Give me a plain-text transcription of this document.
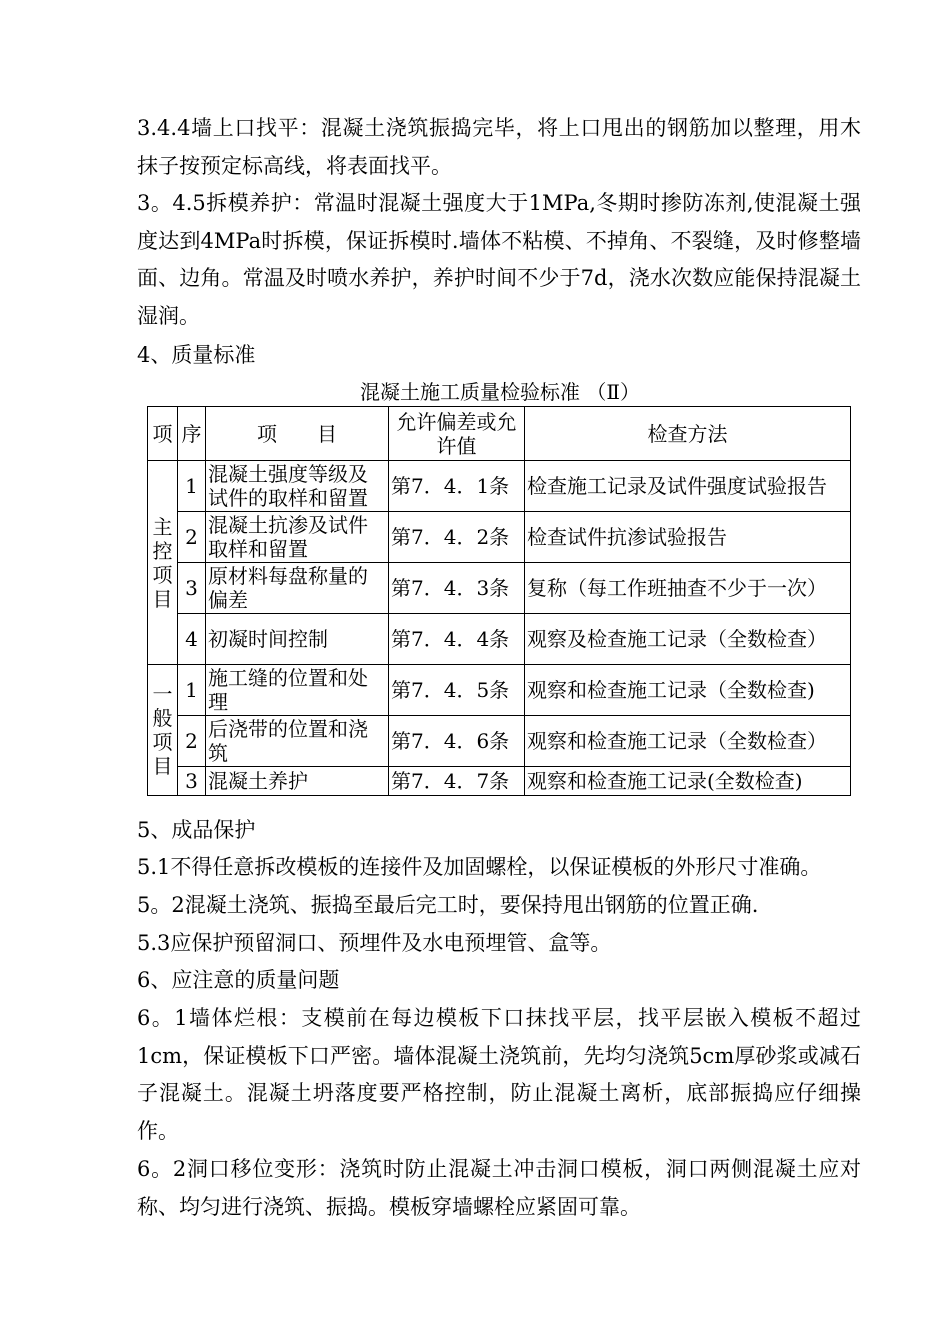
3.4.4墙上口找平：混凝土浇筑振捣完毕，将上口甩出的钢筋加以整理，用木抹子按预定标高线，将表面找平。

3。4.5拆模养护：常温时混凝土强度大于1MPa,冬期时掺防冻剂,使混凝土强度达到4MPa时拆模，保证拆模时.墙体不粘模、不掉角、不裂缝，及时修整墙面、边角。常温及时喷水养护，养护时间不少于7d，浇水次数应能保持混凝土湿润。

4、质量标准

混凝土施工质量检验标准 （Ⅱ）

项	序	项　　目	允许偏差或允许值	检查方法

主控项目	1	混凝土强度等级及试件的取样和留置	第7．4．1条	检查施工记录及试件强度试验报告
	2	混凝土抗渗及试件取样和留置	第7．4．2条	检查试件抗渗试验报告
	3	原材料每盘称量的偏差	第7．4．3条	复称（每工作班抽查不少于一次）
	4	初凝时间控制	第7．4．4条	观察及检查施工记录（全数检查）

一般项目	1	施工缝的位置和处理	第7．4．5条	观察和检查施工记录（全数检查)
	2	后浇带的位置和浇筑	第7．4．6条	观察和检查施工记录（全数检查）
	3	混凝土养护	第7．4．7条	观察和检查施工记录(全数检查)

5、成品保护

5.1不得任意拆改模板的连接件及加固螺栓，以保证模板的外形尺寸准确。

5。2混凝土浇筑、振捣至最后完工时，要保持甩出钢筋的位置正确.

5.3应保护预留洞口、预埋件及水电预埋管、盒等。

6、应注意的质量问题

6。1墙体烂根：支模前在每边模板下口抹找平层，找平层嵌入模板不超过1cm，保证模板下口严密。墙体混凝土浇筑前，先均匀浇筑5cm厚砂浆或减石子混凝土。混凝土坍落度要严格控制，防止混凝土离析，底部振捣应仔细操作。

6。2洞口移位变形：浇筑时防止混凝土冲击洞口模板，洞口两侧混凝土应对称、均匀进行浇筑、振捣。模板穿墙螺栓应紧固可靠。
